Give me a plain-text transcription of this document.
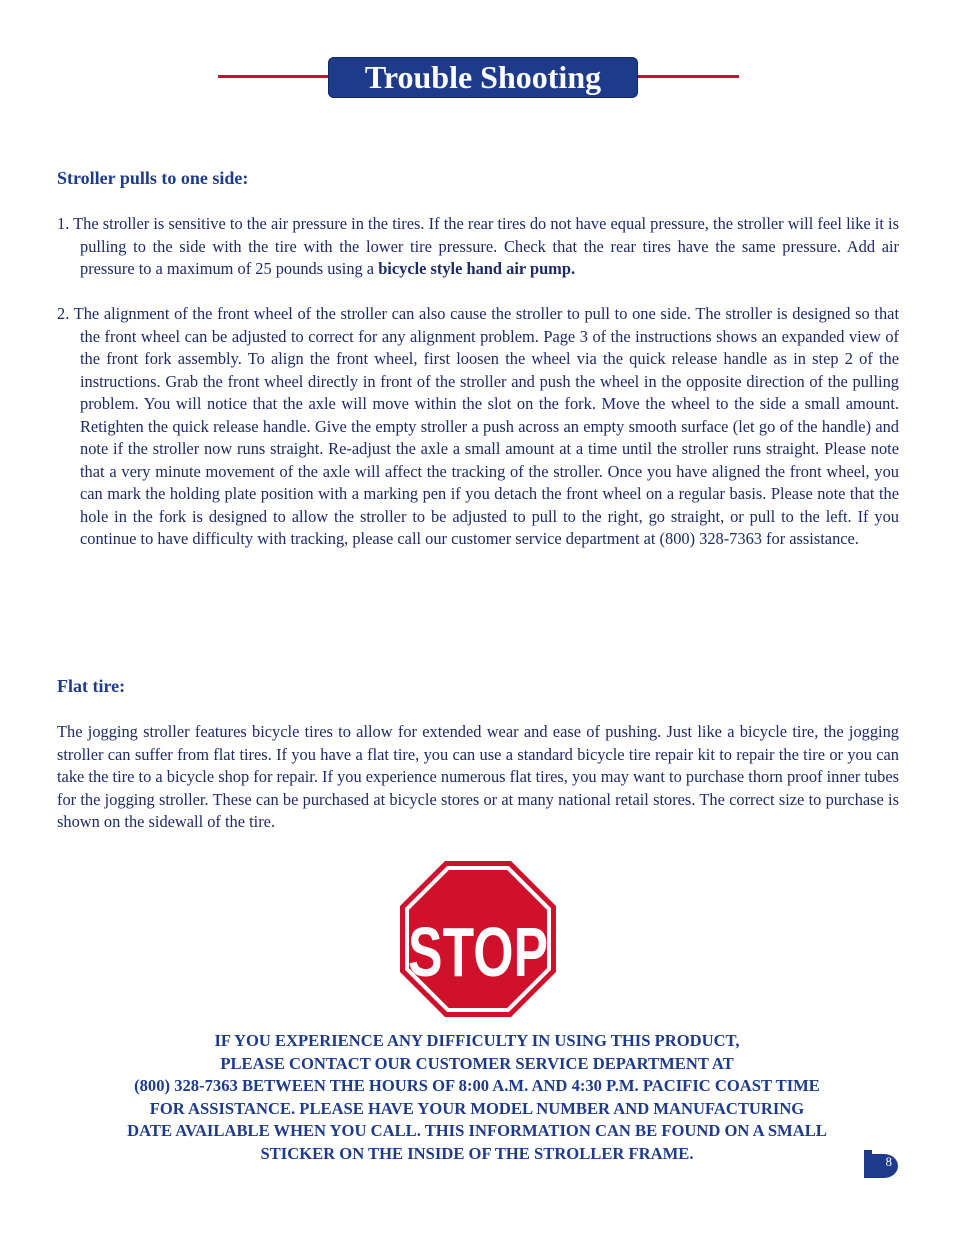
Trouble Shooting
Stroller pulls to one side:

1. The stroller is sensitive to the air pressure in the tires. If the rear tires do not have equal pressure, the stroller will feel like it is pulling to the side with the tire with the lower tire pressure. Check that the rear tires have the same pressure. Add air pressure to a maximum of 25 pounds using a bicycle style hand air pump.

2. The alignment of the front wheel of the stroller can also cause the stroller to pull to one side. The stroller is designed so that the front wheel can be adjusted to correct for any alignment problem. Page 3 of the instructions shows an expanded view of the front fork assembly. To align the front wheel, first loosen the wheel via the quick release handle as in step 2 of the instructions. Grab the front wheel directly in front of the stroller and push the wheel in the opposite direction of the pulling problem. You will notice that the axle will move within the slot on the fork. Move the wheel to the side a small amount. Retighten the quick release handle. Give the empty stroller a push across an empty smooth surface (let go of the handle) and note if the stroller now runs straight. Re-adjust the axle a small amount at a time until the stroller runs straight. Please note that a very minute movement of the axle will affect the tracking of the stroller. Once you have aligned the front wheel, you can mark the holding plate position with a marking pen if you detach the front wheel on a regular basis. Please note that the hole in the fork is designed to allow the stroller to be adjusted to pull to the right, go straight, or pull to the left. If you continue to have difficulty with tracking, please call our customer service department at (800) 328-7363 for assistance.

Flat tire:

The jogging stroller features bicycle tires to allow for extended wear and ease of pushing. Just like a bicycle tire, the jogging stroller can suffer from flat tires. If you have a flat tire, you can use a standard bicycle tire repair kit to repair the tire or you can take the tire to a bicycle shop for repair. If you experience numerous flat tires, you may want to purchase thorn proof inner tubes for the jogging stroller. These can be purchased at bicycle stores or at many national retail stores. The correct size to purchase is shown on the sidewall of the tire.

STOP

IF YOU EXPERIENCE ANY DIFFICULTY IN USING THIS PRODUCT,
PLEASE CONTACT OUR CUSTOMER SERVICE DEPARTMENT AT
(800) 328-7363 BETWEEN THE HOURS OF 8:00 A.M. AND 4:30 P.M. PACIFIC COAST TIME
FOR ASSISTANCE. PLEASE HAVE YOUR MODEL NUMBER AND MANUFACTURING
DATE AVAILABLE WHEN YOU CALL. THIS INFORMATION CAN BE FOUND ON A SMALL
STICKER ON THE INSIDE OF THE STROLLER FRAME.	8
